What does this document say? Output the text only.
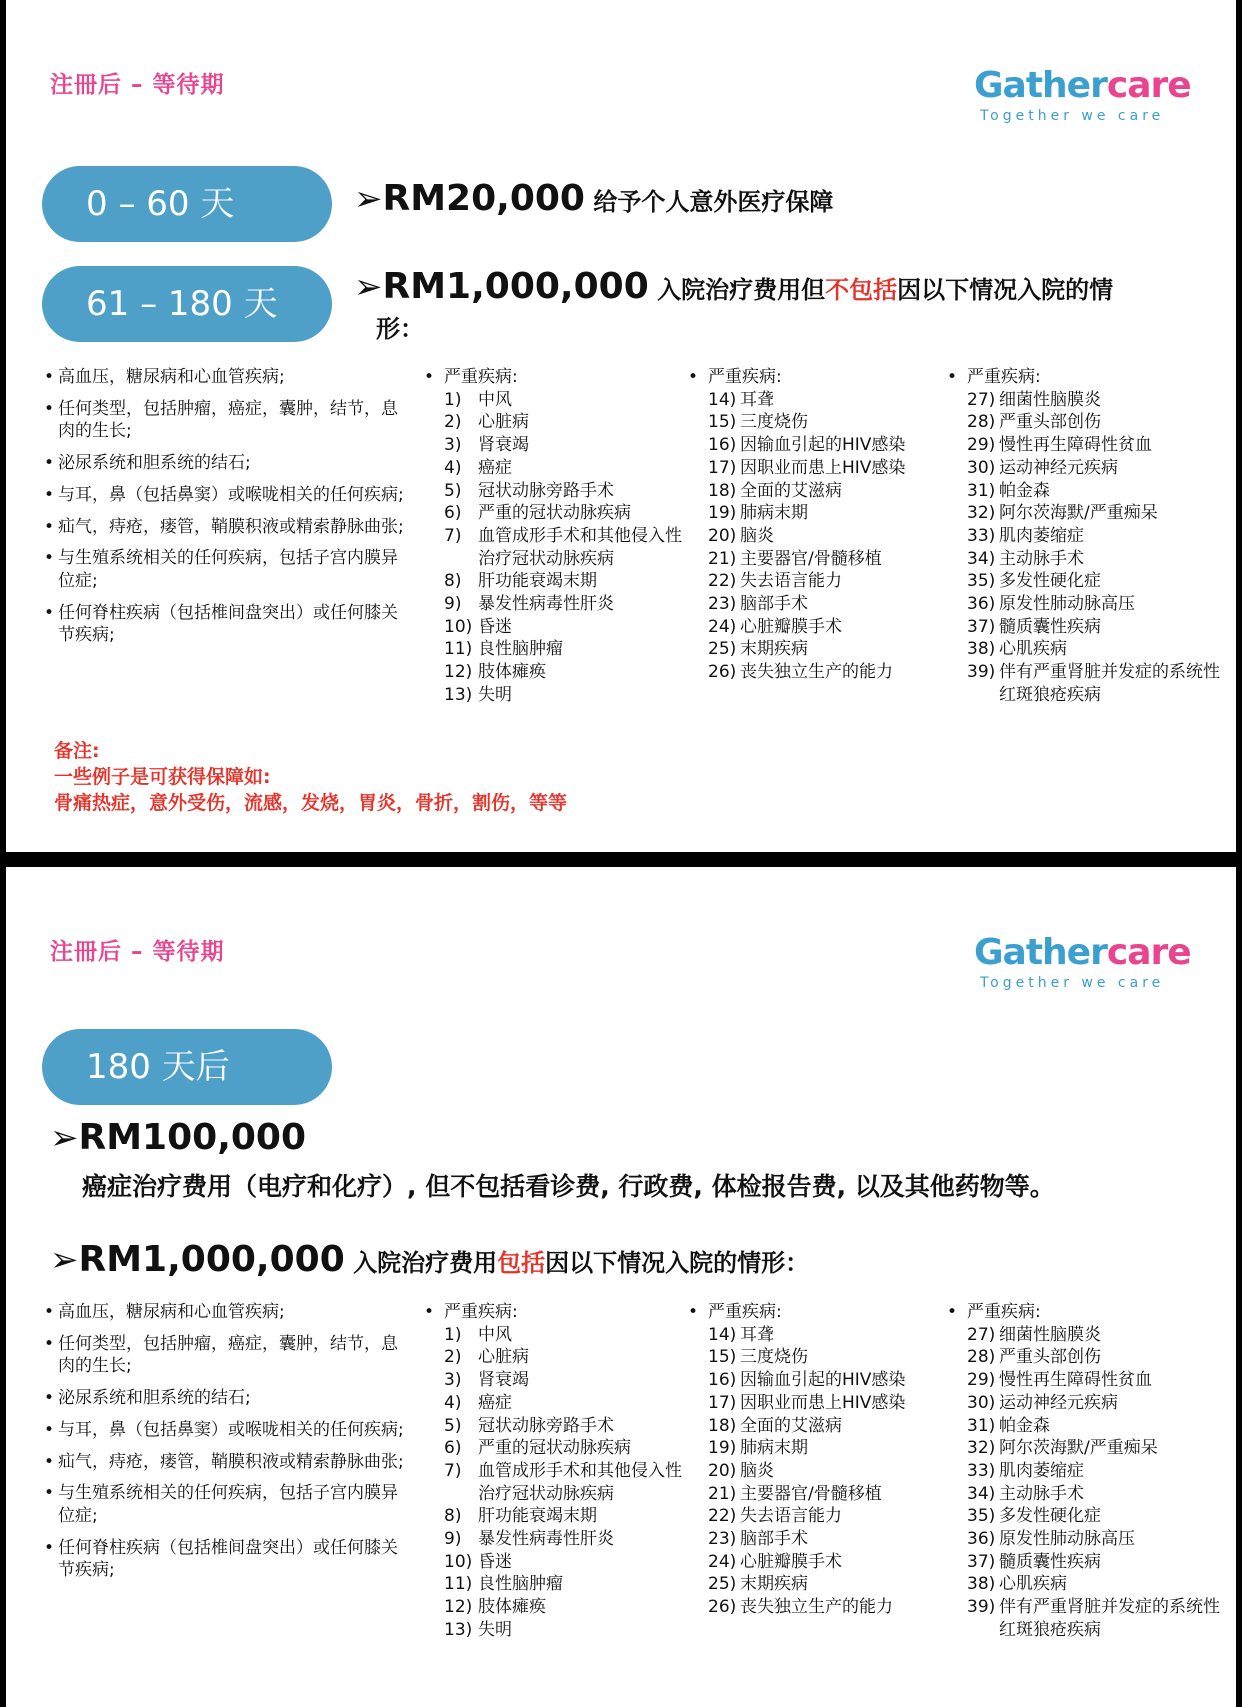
注冊后 – 等待期	Gathercare
Together we care
0 – 60 天
61 – 180 天
➢RM20,000 给予个人意外医疗保障
➢RM1,000,000 入院治疗费用但不包括因以下情况入院的情
形：
• 高血压，糖尿病和心血管疾病;
• 任何类型，包括肿瘤，癌症，囊肿，结节，息肉的生长;
• 泌尿系统和胆系统的结石;
• 与耳，鼻（包括鼻窦）或喉咙相关的任何疾病;
• 疝气，痔疮，瘘管，鞘膜积液或精索静脉曲张;
• 与生殖系统相关的任何疾病，包括子宫内膜异位症;
• 任何脊柱疾病（包括椎间盘突出）或任何膝关节疾病;
• 严重疾病:
1) 中风
2) 心脏病
3) 肾衰竭
4) 癌症
5) 冠状动脉旁路手术
6) 严重的冠状动脉疾病
7) 血管成形手术和其他侵入性治疗冠状动脉疾病
8) 肝功能衰竭末期
9) 暴发性病毒性肝炎
10) 昏迷
11) 良性脑肿瘤
12) 肢体瘫痪
13) 失明
• 严重疾病:
14) 耳聋
15) 三度烧伤
16) 因输血引起的HIV感染
17) 因职业而患上HIV感染
18) 全面的艾滋病
19) 肺病末期
20) 脑炎
21) 主要器官/骨髓移植
22) 失去语言能力
23) 脑部手术
24) 心脏瓣膜手术
25) 末期疾病
26) 丧失独立生产的能力
• 严重疾病:
27) 细菌性脑膜炎
28) 严重头部创伤
29) 慢性再生障碍性贫血
30) 运动神经元疾病
31) 帕金森
32) 阿尔茨海默/严重痴呆
33) 肌肉萎缩症
34) 主动脉手术
35) 多发性硬化症
36) 原发性肺动脉高压
37) 髓质囊性疾病
38) 心肌疾病
39) 伴有严重肾脏并发症的系统性红斑狼疮疾病
备注:
一些例子是可获得保障如:
骨痛热症，意外受伤，流感，发烧，胃炎，骨折，割伤，等等
注冊后 – 等待期	Gathercare
Together we care
180 天后
➢RM100,000
癌症治疗费用（电疗和化疗）, 但不包括看诊费, 行政费, 体检报告费, 以及其他药物等。
➢RM1,000,000 入院治疗费用包括因以下情况入院的情形：
• 高血压，糖尿病和心血管疾病;
• 任何类型，包括肿瘤，癌症，囊肿，结节，息肉的生长;
• 泌尿系统和胆系统的结石;
• 与耳，鼻（包括鼻窦）或喉咙相关的任何疾病;
• 疝气，痔疮，瘘管，鞘膜积液或精索静脉曲张;
• 与生殖系统相关的任何疾病，包括子宫内膜异位症;
• 任何脊柱疾病（包括椎间盘突出）或任何膝关节疾病;
• 严重疾病:
1) 中风
2) 心脏病
3) 肾衰竭
4) 癌症
5) 冠状动脉旁路手术
6) 严重的冠状动脉疾病
7) 血管成形手术和其他侵入性治疗冠状动脉疾病
8) 肝功能衰竭末期
9) 暴发性病毒性肝炎
10) 昏迷
11) 良性脑肿瘤
12) 肢体瘫痪
13) 失明
• 严重疾病:
14) 耳聋
15) 三度烧伤
16) 因输血引起的HIV感染
17) 因职业而患上HIV感染
18) 全面的艾滋病
19) 肺病末期
20) 脑炎
21) 主要器官/骨髓移植
22) 失去语言能力
23) 脑部手术
24) 心脏瓣膜手术
25) 末期疾病
26) 丧失独立生产的能力
• 严重疾病:
27) 细菌性脑膜炎
28) 严重头部创伤
29) 慢性再生障碍性贫血
30) 运动神经元疾病
31) 帕金森
32) 阿尔茨海默/严重痴呆
33) 肌肉萎缩症
34) 主动脉手术
35) 多发性硬化症
36) 原发性肺动脉高压
37) 髓质囊性疾病
38) 心肌疾病
39) 伴有严重肾脏并发症的系统性红斑狼疮疾病
